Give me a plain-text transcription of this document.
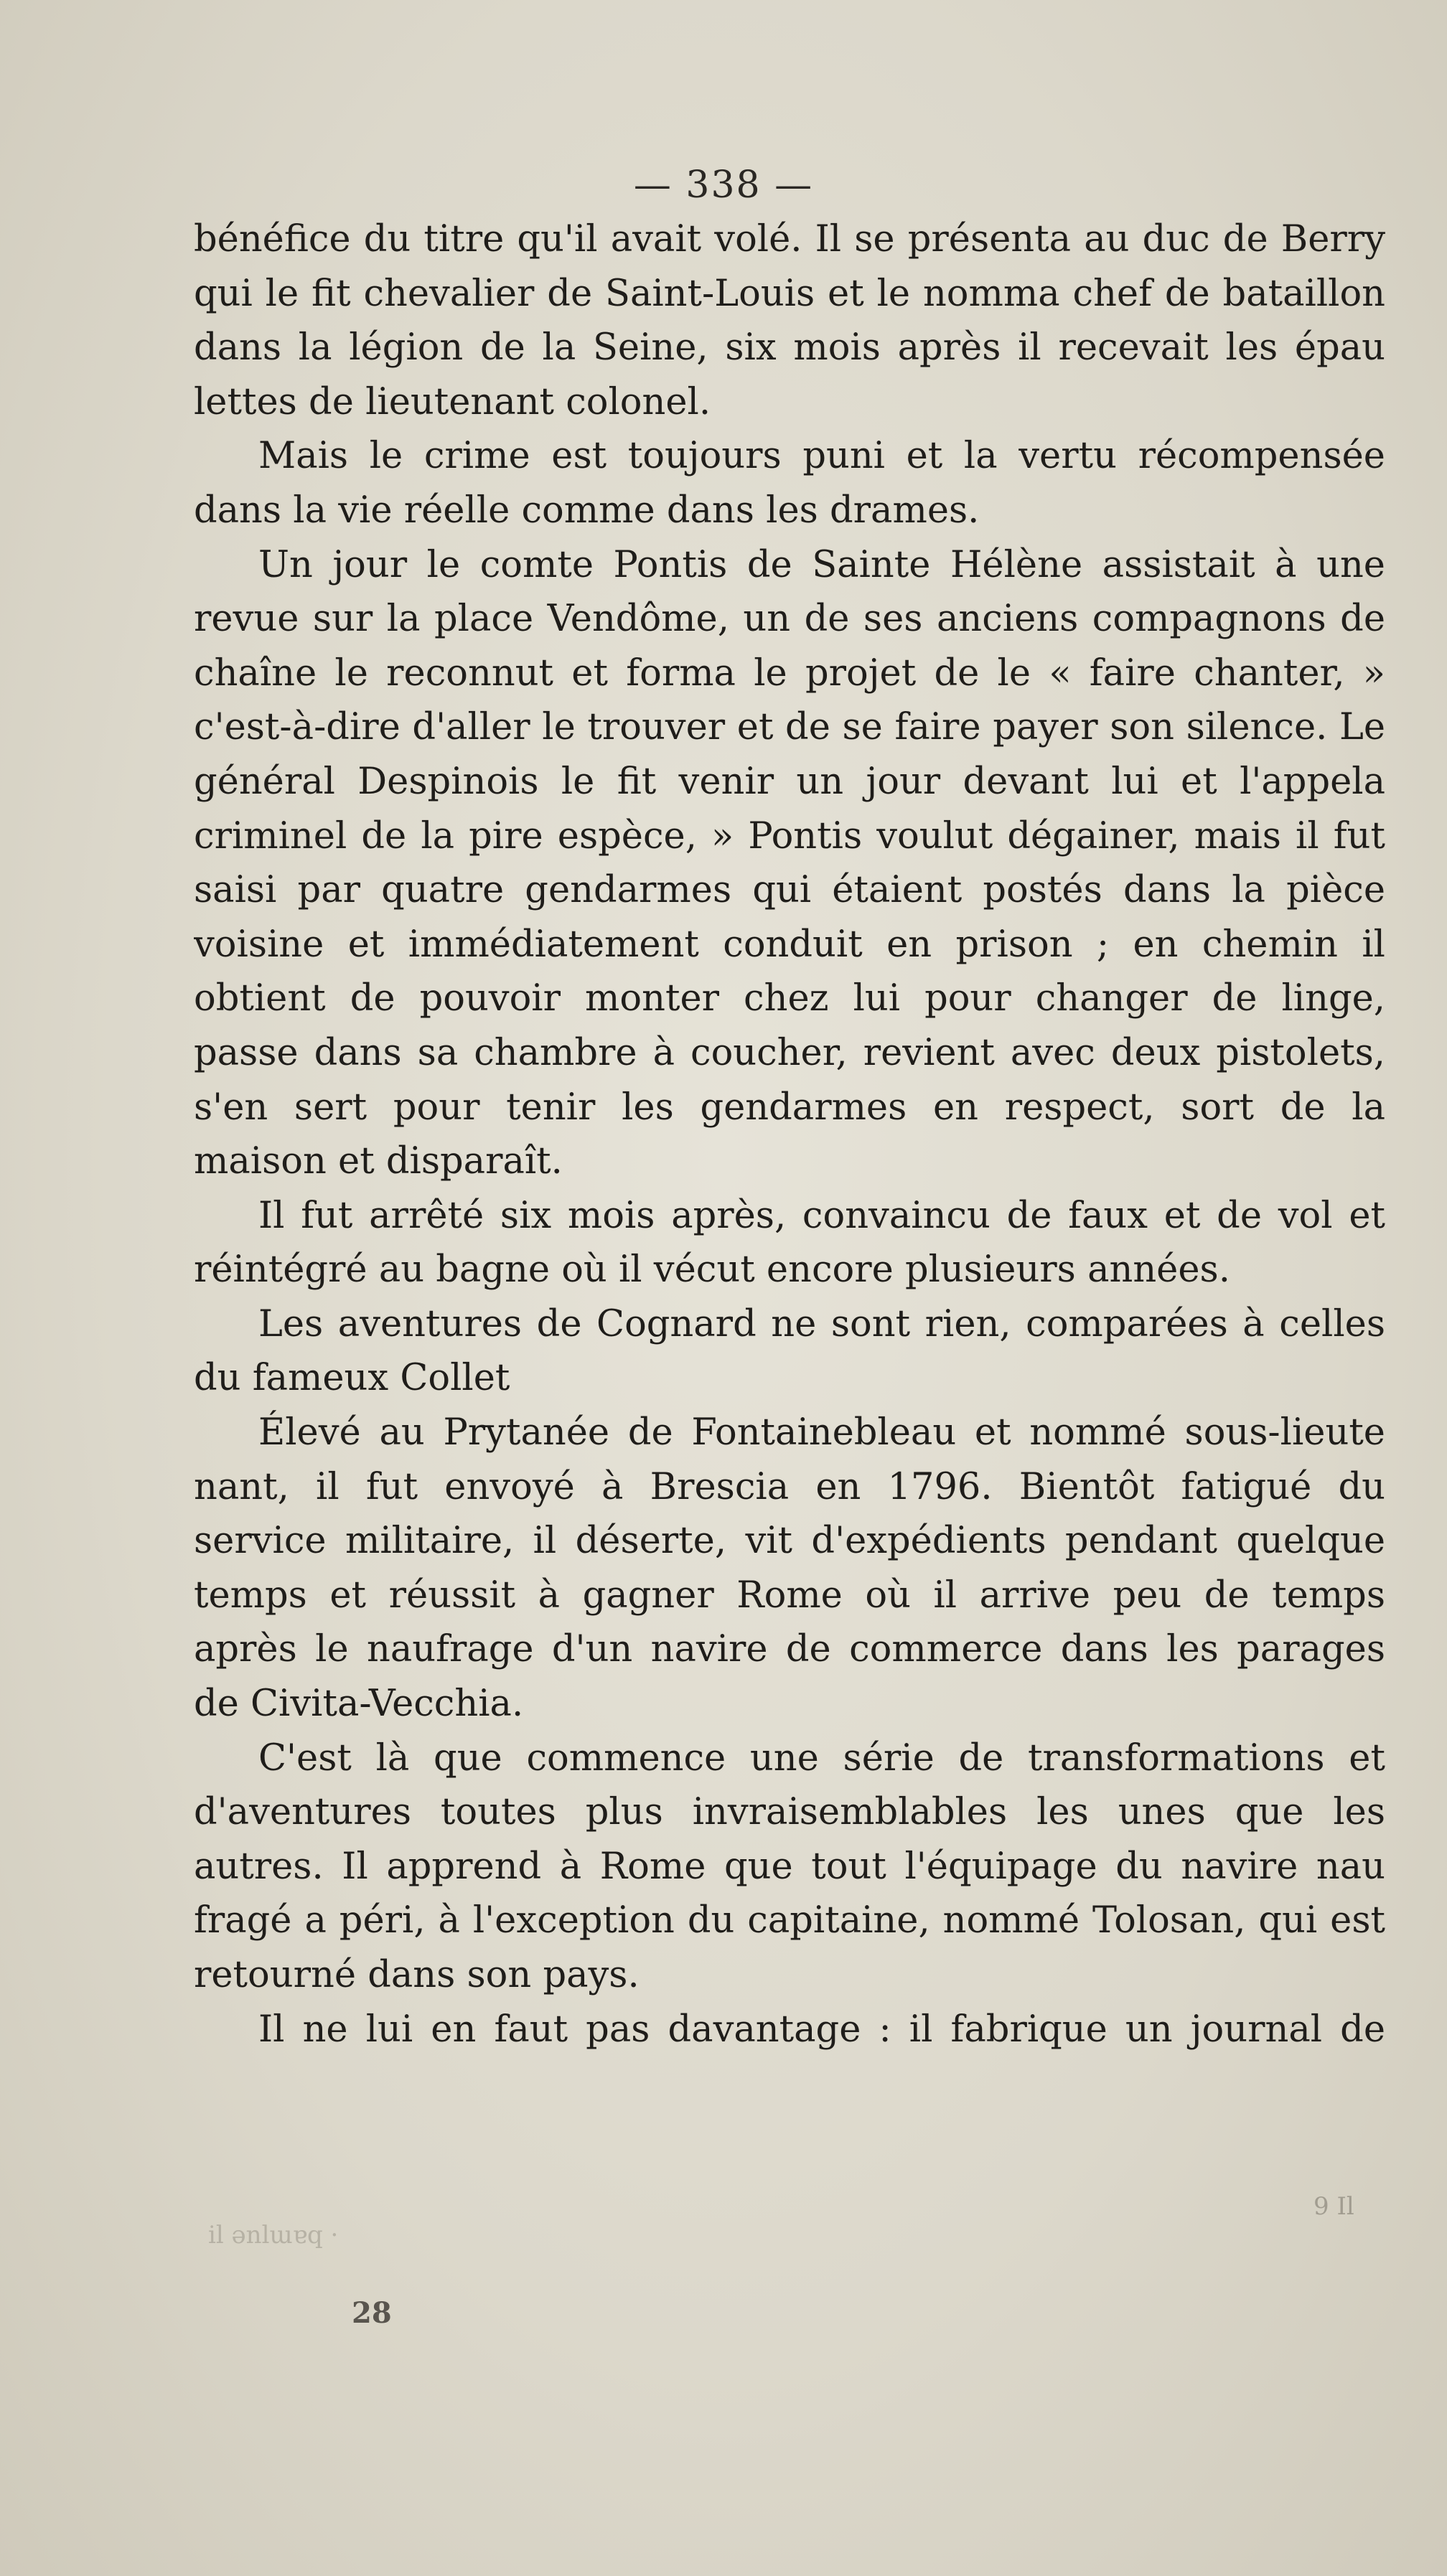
— 338 —
bénéfice du titre qu'il avait volé. Il se présenta au duc de Berry
qui le fit chevalier de Saint-Louis et le nomma chef de bataillon
dans la légion de la Seine, six mois après il recevait les épau
lettes de lieutenant colonel.
Mais le crime est toujours puni et la vertu récompensée
dans la vie réelle comme dans les drames.
Un jour le comte Pontis de Sainte Hélène assistait à une
revue sur la place Vendôme, un de ses anciens compagnons de
chaîne le reconnut et forma le projet de le « faire chanter, »
c'est-à-dire d'aller le trouver et de se faire payer son silence. Le
général Despinois le fit venir un jour devant lui et l'appela
criminel de la pire espèce, » Pontis voulut dégainer, mais il fut
saisi par quatre gendarmes qui étaient postés dans la pièce
voisine et immédiatement conduit en prison ; en chemin il
obtient de pouvoir monter chez lui pour changer de linge,
passe dans sa chambre à coucher, revient avec deux pistolets,
s'en sert pour tenir les gendarmes en respect, sort de la
maison et disparaît.
Il fut arrêté six mois après, convaincu de faux et de vol et
réintégré au bagne où il vécut encore plusieurs années.
Les aventures de Cognard ne sont rien, comparées à celles
du fameux Collet
Élevé au Prytanée de Fontainebleau et nommé sous-lieute
nant, il fut envoyé à Brescia en 1796. Bientôt fatigué du
service militaire, il déserte, vit d'expédients pendant quelque
temps et réussit à gagner Rome où il arrive peu de temps
après le naufrage d'un navire de commerce dans les parages
de Civita-Vecchia.
C'est là que commence une série de transformations et
d'aventures toutes plus invraisemblables les unes que les
autres. Il apprend à Rome que tout l'équipage du navire nau
fragé a péri, à l'exception du capitaine, nommé Tolosan, qui est
retourné dans son pays.
Il ne lui en faut pas davantage : il fabrique un journal de
9 Il
il ənlɯɐq ·
28
